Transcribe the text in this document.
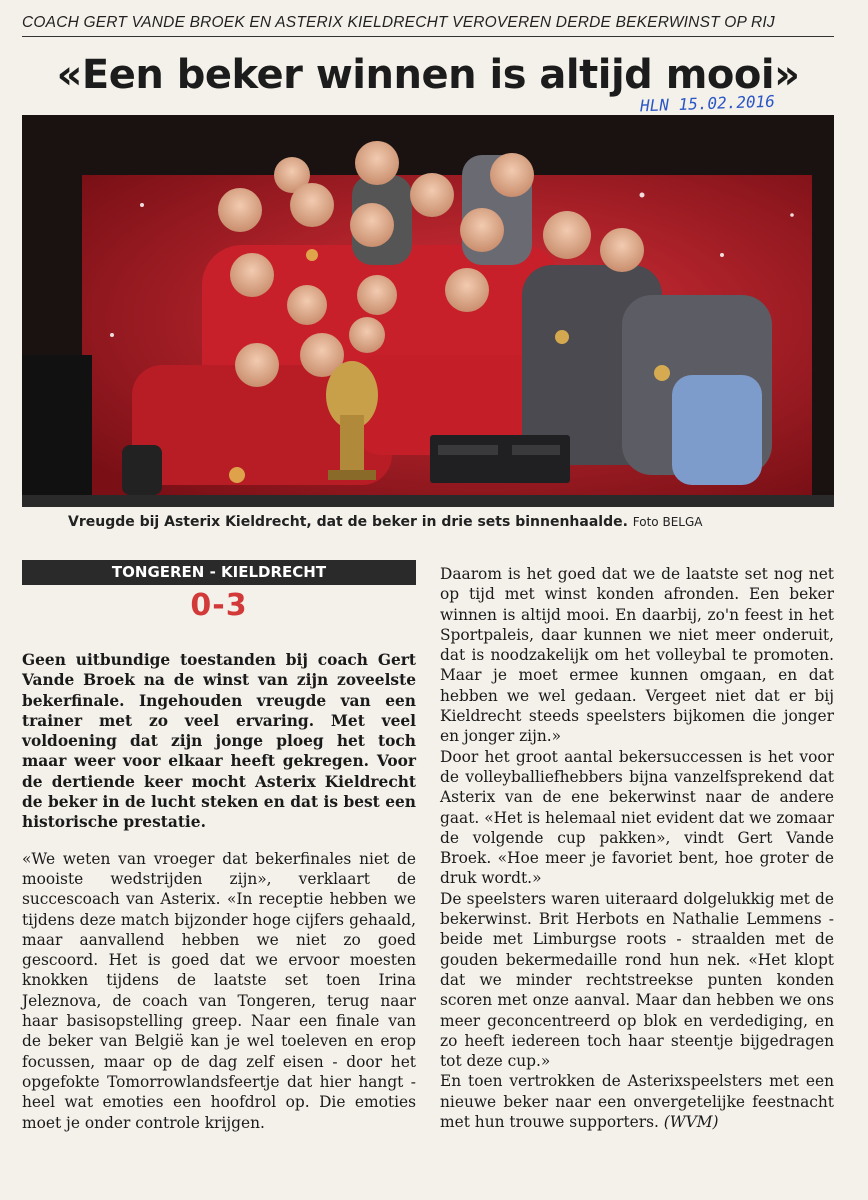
COACH GERT VANDE BROEK EN ASTERIX KIELDRECHT VEROVEREN DERDE BEKERWINST OP RIJ
«Een beker winnen is altijd mooi»
HLN 15.02.2016
Vreugde bij Asterix Kieldrecht, dat de beker in drie sets binnenhaalde. Foto BELGA
TONGEREN - KIELDRECHT
0-3

Geen uitbundige toestanden bij coach Gert Vande Broek na de winst van zijn zoveelste bekerfinale. Ingehouden vreugde van een trainer met zo veel ervaring. Met veel voldoening dat zijn jonge ploeg het toch maar weer voor elkaar heeft gekregen. Voor de dertiende keer mocht Asterix Kieldrecht de beker in de lucht steken en dat is best een historische prestatie.

«We weten van vroeger dat bekerfinales niet de mooiste wedstrijden zijn», verklaart de succescoach van Asterix. «In receptie hebben we tijdens deze match bijzonder hoge cijfers gehaald, maar aanvallend hebben we niet zo goed gescoord. Het is goed dat we ervoor moesten knokken tijdens de laatste set toen Irina Jeleznova, de coach van Tongeren, terug naar haar basisopstelling greep. Naar een finale van de beker van België kan je wel toeleven en erop focussen, maar op de dag zelf eisen - door het opgefokte Tomorrowlandsfeertje dat hier hangt - heel wat emoties een hoofdrol op. Die emoties moet je onder controle krijgen.

Daarom is het goed dat we de laatste set nog net op tijd met winst konden afronden. Een beker winnen is altijd mooi. En daarbij, zo'n feest in het Sportpaleis, daar kunnen we niet meer onderuit, dat is noodzakelijk om het volleybal te promoten. Maar je moet ermee kunnen omgaan, en dat hebben we wel gedaan. Vergeet niet dat er bij Kieldrecht steeds speelsters bijkomen die jonger en jonger zijn.»

Door het groot aantal bekersuccessen is het voor de volleyballiefhebbers bijna vanzelfsprekend dat Asterix van de ene bekerwinst naar de andere gaat. «Het is helemaal niet evident dat we zomaar de volgende cup pakken», vindt Gert Vande Broek. «Hoe meer je favoriet bent, hoe groter de druk wordt.»

De speelsters waren uiteraard dolgelukkig met de bekerwinst. Brit Herbots en Nathalie Lemmens - beide met Limburgse roots - straalden met de gouden bekermedaille rond hun nek. «Het klopt dat we minder rechtstreekse punten konden scoren met onze aanval. Maar dan hebben we ons meer geconcentreerd op blok en verdediging, en zo heeft iedereen toch haar steentje bijgedragen tot deze cup.»

En toen vertrokken de Asterixspeelsters met een nieuwe beker naar een onvergetelijke feestnacht met hun trouwe supporters. (WVM)
